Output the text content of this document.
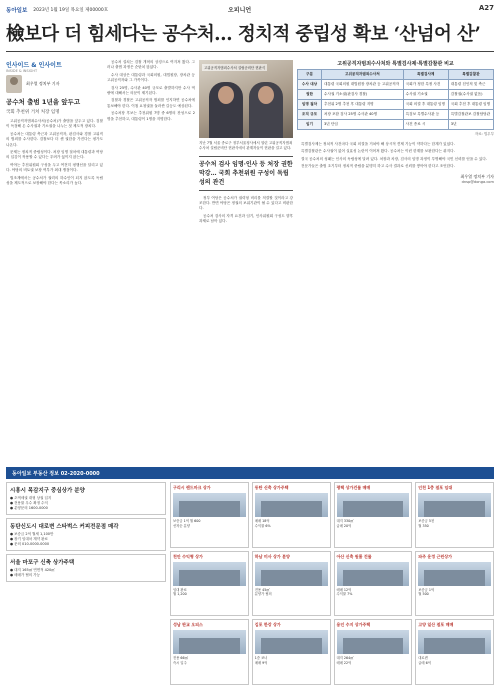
동아일보 2023년 1월 19일 목요일 제00000호	오피니언	A27
檢보다 더 힘세다는 공수처… 정치적 중립성 확보 ‘산넘어 산’
인사이드 & 인사이트
INSIDE & INSIGHT
최우열 정치부 기자
공수처 출범 1년을 앞두고
국회 추천위 거쳐 처장 임명

고위공직자범죄수사처(공수처)가 출범을 앞두고 있다. 검찰이 독점해 온 수사권과 기소권을 나누는 첫 제도적 장치다.

공수처는 대통령 측근과 고위공직자, 판검사와 경찰 고위직의 범죄를 수사한다. 검찰보다 더 센 권한을 가진다는 평가도 나온다.

문제는 정치적 중립성이다. 처장 임명 절차에 대통령과 여당의 입김이 작용할 수 있다는 우려가 끊이지 않는다.

여야는 추천위원회 구성을 두고 여전히 평행선을 달리고 있다. 야당의 비토권 보장 여부가 최대 쟁점이다.

법조계에서는 공수처가 권력의 하수인이 되지 않도록 독립성을 제도적으로 보장해야 한다는 목소리가 높다.

공수처 설치는 검찰 개혁의 상징으로 여겨져 왔다. 그러나 출범 과정은 순탄치 않았다.

수사 대상은 대통령과 국회의원, 대법원장, 장차관 등 고위공직자와 그 가족이다.

검사 25명, 수사관 40명 규모로 출발하지만 수사 역량에 대해서는 의문이 제기된다.

검찰과 경찰은 고위공직자 범죄를 인지하면 공수처에 통보해야 한다. 이첩 요청권을 둘러싼 갈등도 예상된다.

공수처장 후보는 추천위원 7명 중 6명의 찬성으로 2명을 추천하고, 대통령이 1명을 지명한다.

고위공직자범죄수사처 설립준비단 현판식
지난 7월 서울 종로구 정부서울청사에서 열린 고위공직자범죄수사처 설립준비단 현판식에서 관계자들이 현판을 걸고 있다.
공수처 검사 임명·인사 등 처장 권한 막강… 국회 추천위원 구성이 독립성의 관건

정부 여당은 공수처가 권력형 비리를 척결할 것이라고 강조한다. 반면 야당은 정권의 보위기관이 될 수 있다고 비판한다.

공수처 검사의 자격 요건과 임기, 인사위원회 구성도 향후 과제로 남아 있다.

고위공직자범죄수사처와 특별검사제·특별감찰관 비교
구분	고위공직자범죄수사처	특별검사제	특별감찰관
수사 대상	대통령 국회의원 대법원장 장차관 등 고위공직자	국회가 정한 특정 사건	대통령 친인척 및 측근
권한	수사권 기소권(판검사 경찰)	수사권 기소권	감찰권(수사권 없음)
임명 절차	추천위 2명 추천 후 대통령 지명	국회 의결 후 대통령 임명	국회 추천 후 대통령 임명
조직 규모	처장 포함 검사 25명 수사관 40명	특검보 특별수사관 등	특별감찰관보 감찰담당관
임기	3년 단임	사건 종료 시	3년
자료: 법무부

특별검사제는 정치적 사건마다 국회 의결을 거쳐야 해 상시적 견제 기능이 약하다는 한계가 있었다.

특별감찰관은 수사권이 없어 실효성 논란이 이어져 왔다. 공수처는 이런 한계를 보완한다는 취지다.

결국 공수처의 성패는 인사의 독립성에 달려 있다. 처장과 차장, 검사의 임명 과정이 투명해야 국민 신뢰를 얻을 수 있다.

전문가들은 출범 초기부터 정치적 중립을 분명히 하고 수사 결과로 신뢰를 쌓아야 한다고 조언한다.

최우열 정치부 기자
dnsp@donga.com
동아일보 부동산 정보 02-2020-0000
시흥시 목감지구 중심상가 분양
● 초역세권 대형 상권 입지
● 전용률 우수 확정 수익
● 분양문의 1600-0000
동탄신도시 대로변 스타벅스 커피전문점 매각
● 보증금 2억 월세 1,100만
● 장기 임대차 계약 완료
● 문의 010-0000-0000
서울 마포구 신축 상가주택
● 대지 165㎡ 연면적 420㎡
● 매매가 협의 가능
구리시 랜드마크 상가
보증금 1억 월 600
선착순 분양
동탄 신축 상가주택
매매 18억
수익률 6%
평택 상가건물 매매
대지 330㎡
급매 20억
인천 1층 점포 임대
보증금 5천
월 350
천안 수익형 상가
임대 완료
월 1,200
하남 미사 상가 분양
전용 45㎡
분양가 협의
아산 신축 원룸 건물
매매 12억
수익률 7%
파주 운정 근린상가
보증금 1억
월 500
성남 판교 오피스
전용 66㎡
즉시 입주
김포 한강 상가
1층 코너
매매 9억
용인 수지 상가주택
대지 264㎡
매매 22억
고양 일산 점포 매매
대로변
급매 6억
